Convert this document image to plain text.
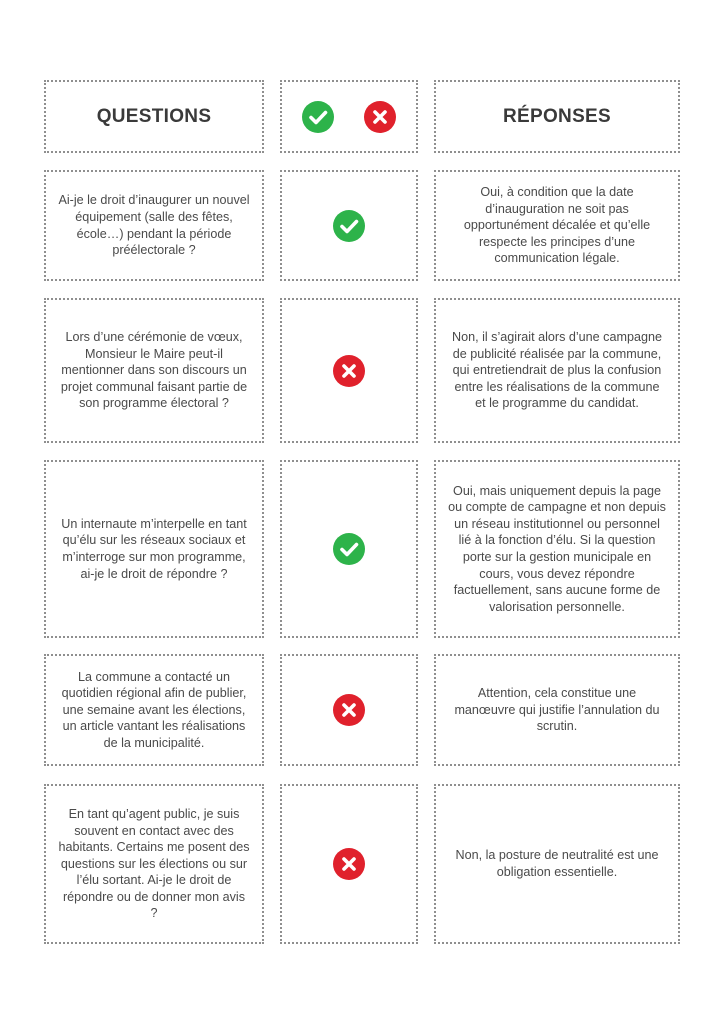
QUESTIONS	RÉPONSES
Ai-je le droit d’inaugurer un nouvel équipement (salle des fêtes, école…) pendant la période préélectorale ?
Oui, à condition que la date d’inauguration ne soit pas opportunément décalée et qu’elle respecte les principes d’une communication légale.
Lors d’une cérémonie de vœux, Monsieur le Maire peut-il mentionner dans son discours un projet communal faisant partie de son programme électoral ?
Non, il s’agirait alors d’une campagne de publicité réalisée par la commune, qui entretiendrait de plus la confusion entre les réalisations de la commune et le programme du candidat.
Un internaute m’interpelle en tant qu’élu sur les réseaux sociaux et m’interroge sur mon programme, ai-je le droit de répondre ?
Oui, mais uniquement depuis la page ou compte de campagne et non depuis un réseau institutionnel ou personnel lié à la fonction d’élu. Si la question porte sur la gestion municipale en cours, vous devez répondre factuellement, sans aucune forme de valorisation personnelle.
La commune a contacté un quotidien régional afin de publier, une semaine avant les élections, un article vantant les réalisations de la municipalité.
Attention, cela constitue une manœuvre qui justifie l’annulation du scrutin.
En tant qu’agent public, je suis souvent en contact avec des habitants. Certains me posent des questions sur les élections ou sur l’élu sortant. Ai-je le droit de répondre ou de donner mon avis ?
Non, la posture de neutralité est une obligation essentielle.
